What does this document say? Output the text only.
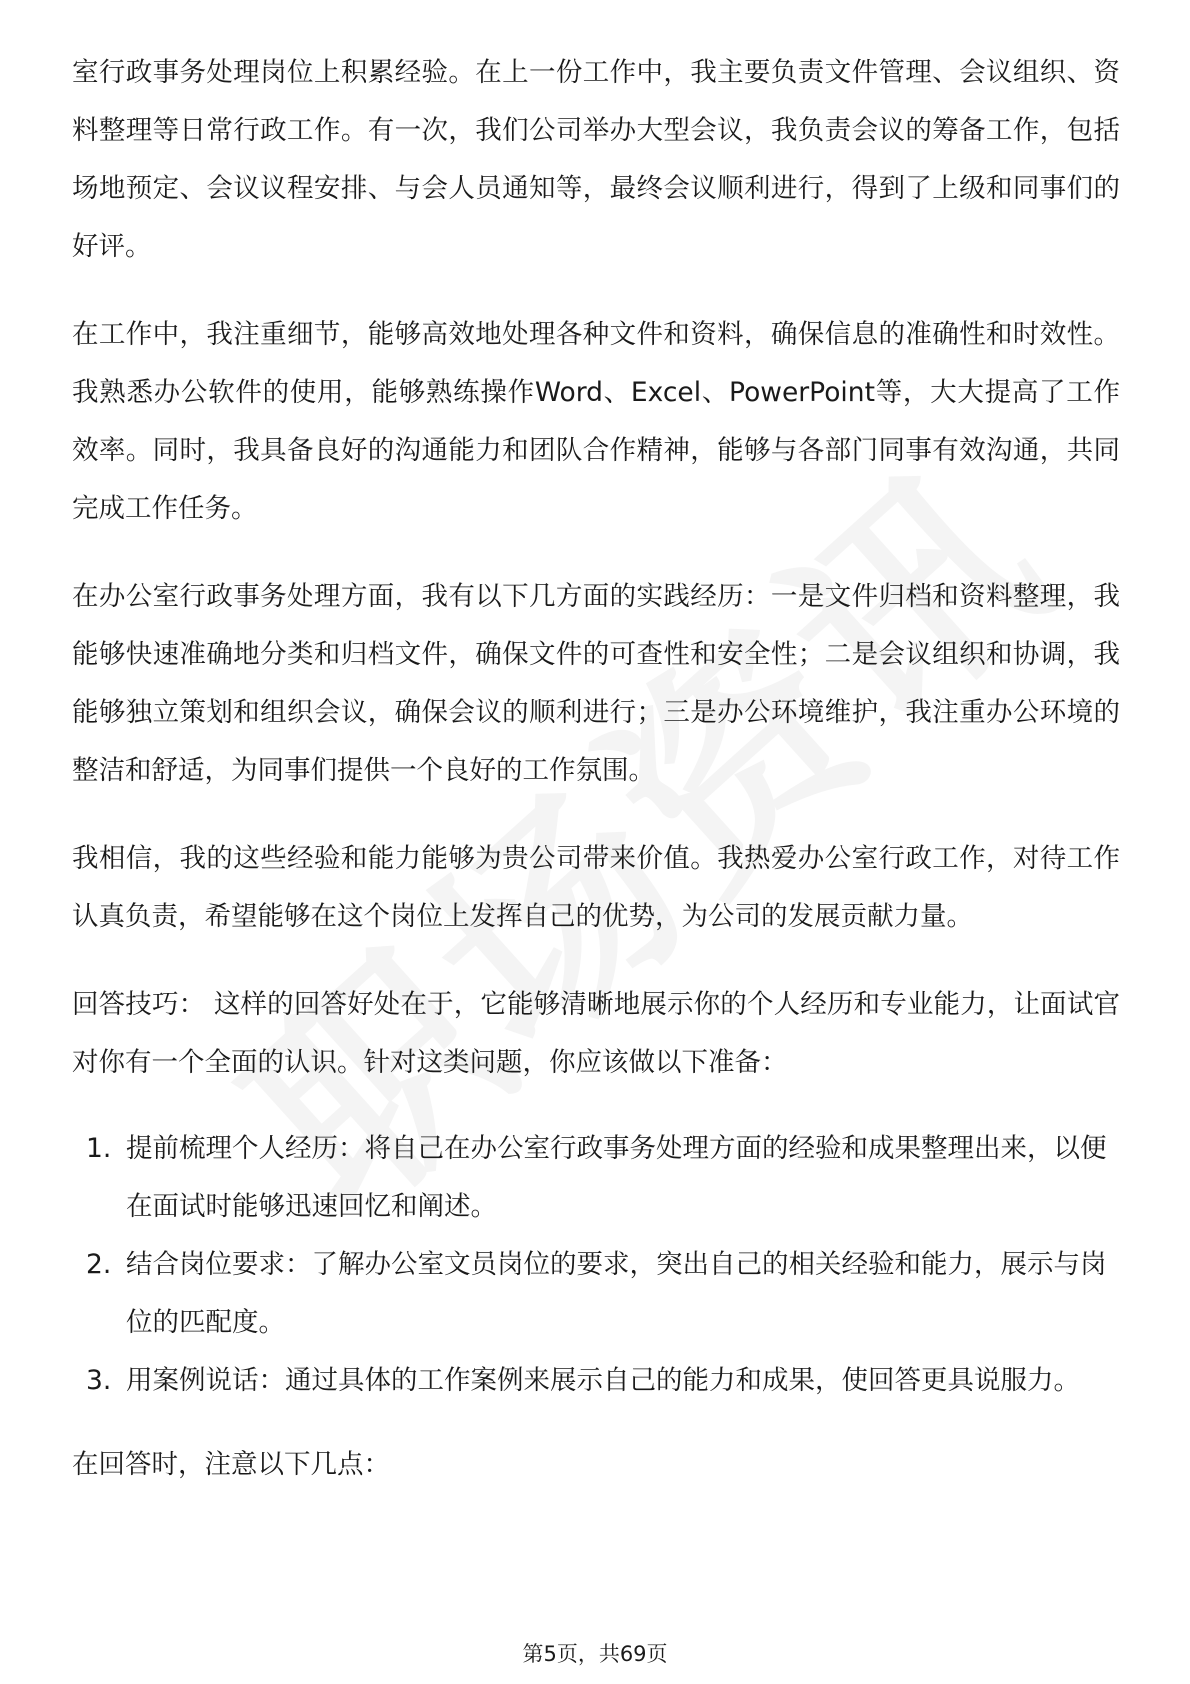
室行政事务处理岗位上积累经验。在上一份工作中，我主要负责文件管理、会议组织、资料整理等日常行政工作。有一次，我们公司举办大型会议，我负责会议的筹备工作，包括场地预定、会议议程安排、与会人员通知等，最终会议顺利进行，得到了上级和同事们的好评。

在工作中，我注重细节，能够高效地处理各种文件和资料，确保信息的准确性和时效性。我熟悉办公软件的使用，能够熟练操作Word、Excel、PowerPoint等，大大提高了工作效率。同时，我具备良好的沟通能力和团队合作精神，能够与各部门同事有效沟通，共同完成工作任务。

在办公室行政事务处理方面，我有以下几方面的实践经历：一是文件归档和资料整理，我能够快速准确地分类和归档文件，确保文件的可查性和安全性；二是会议组织和协调，我能够独立策划和组织会议，确保会议的顺利进行；三是办公环境维护，我注重办公环境的整洁和舒适，为同事们提供一个良好的工作氛围。

我相信，我的这些经验和能力能够为贵公司带来价值。我热爱办公室行政工作，对待工作认真负责，希望能够在这个岗位上发挥自己的优势，为公司的发展贡献力量。

回答技巧： 这样的回答好处在于，它能够清晰地展示你的个人经历和专业能力，让面试官对你有一个全面的认识。针对这类问题，你应该做以下准备：

1. 提前梳理个人经历：将自己在办公室行政事务处理方面的经验和成果整理出来，以便在面试时能够迅速回忆和阐述。
2. 结合岗位要求：了解办公室文员岗位的要求，突出自己的相关经验和能力，展示与岗位的匹配度。
3. 用案例说话：通过具体的工作案例来展示自己的能力和成果，使回答更具说服力。

在回答时，注意以下几点：

第5页，共69页
